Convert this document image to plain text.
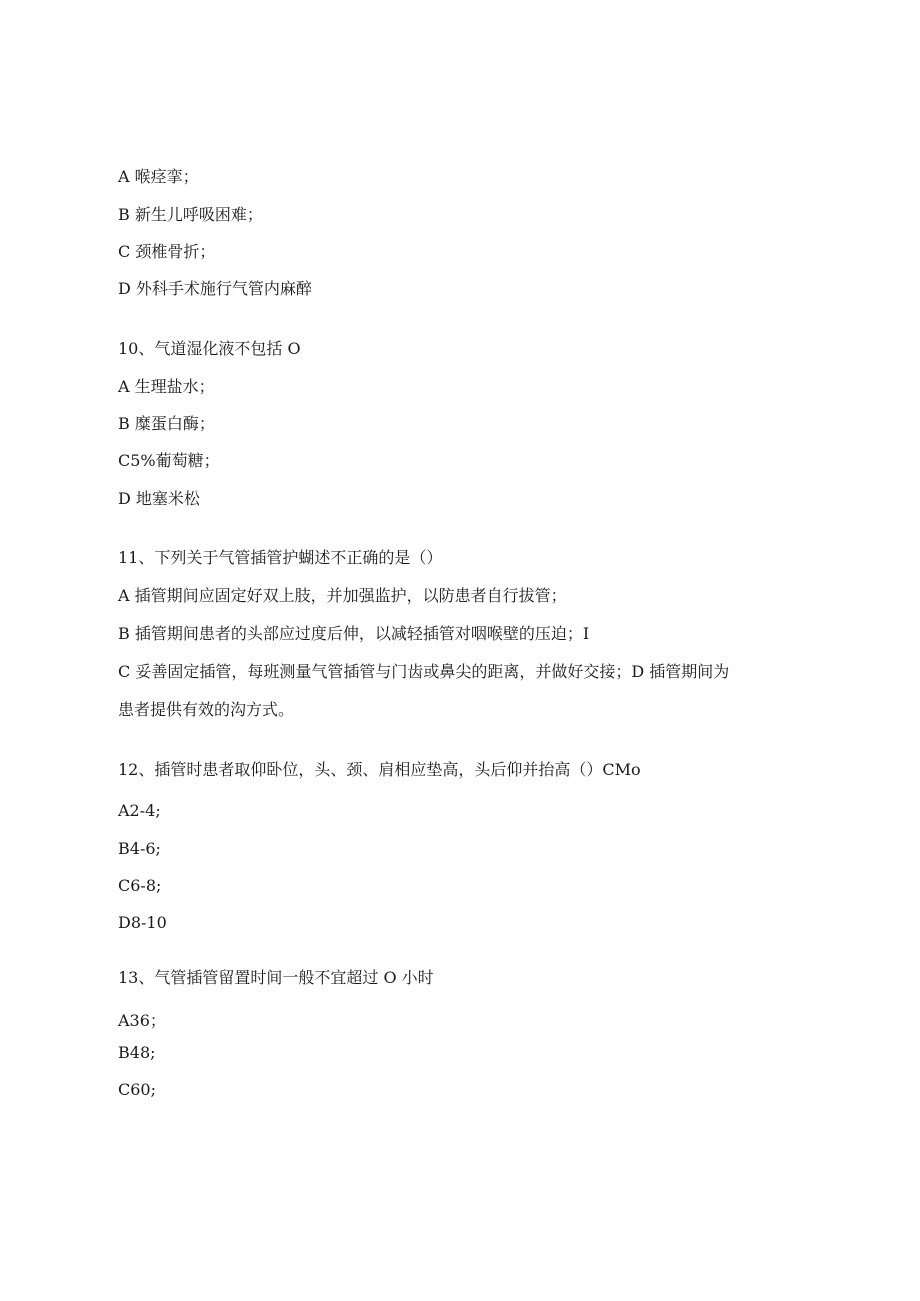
A 喉痉挛；

B 新生儿呼吸困难；

C 颈椎骨折；

D 外科手术施行气管内麻醉

10、气道湿化液不包括 O

A 生理盐水；

B 糜蛋白酶；

C5%葡萄糖；

D 地塞米松

11、下列关于气管插管护蝴述不正确的是（）

A 插管期间应固定好双上肢，并加强监护，以防患者自行拔管；

B 插管期间患者的头部应过度后伸，以减轻插管对咽喉壁的压迫；I

C 妥善固定插管，每班测量气管插管与门齿或鼻尖的距离，并做好交接；D 插管期间为

患者提供有效的沟方式。

12、插管时患者取仰卧位，头、颈、肩相应垫高，头后仰并抬高（）CMo

A2-4;

B4-6;

C6-8;

D8-10

13、气管插管留置时间一般不宜超过 O 小时

A36；

B48;

C60;
